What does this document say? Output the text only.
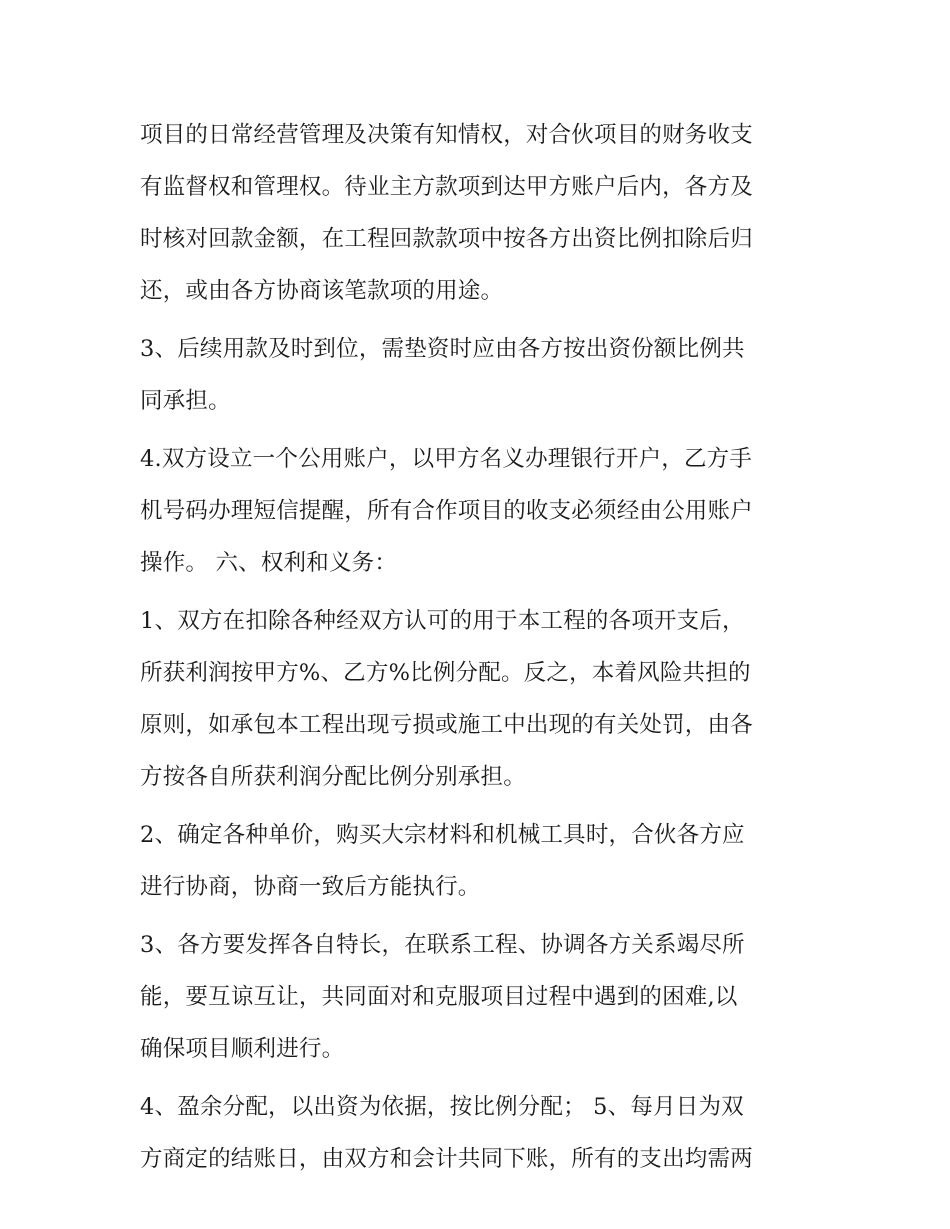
项目的日常经营管理及决策有知情权，对合伙项目的财务收支
有监督权和管理权。待业主方款项到达甲方账户后内，各方及
时核对回款金额，在工程回款款项中按各方出资比例扣除后归
还，或由各方协商该笔款项的用途。
3、后续用款及时到位，需垫资时应由各方按出资份额比例共
同承担。
4.双方设立一个公用账户，以甲方名义办理银行开户，乙方手
机号码办理短信提醒，所有合作项目的收支必须经由公用账户
操作。 六、权利和义务：
1、双方在扣除各种经双方认可的用于本工程的各项开支后，
所获利润按甲方%、乙方%比例分配。反之，本着风险共担的
原则，如承包本工程出现亏损或施工中出现的有关处罚，由各
方按各自所获利润分配比例分别承担。
2、确定各种单价，购买大宗材料和机械工具时，合伙各方应
进行协商，协商一致后方能执行。
3、各方要发挥各自特长，在联系工程、协调各方关系竭尽所
能，要互谅互让，共同面对和克服项目过程中遇到的困难,以
确保项目顺利进行。
4、盈余分配，以出资为依据，按比例分配； 5、每月日为双
方商定的结账日，由双方和会计共同下账，所有的支出均需两
